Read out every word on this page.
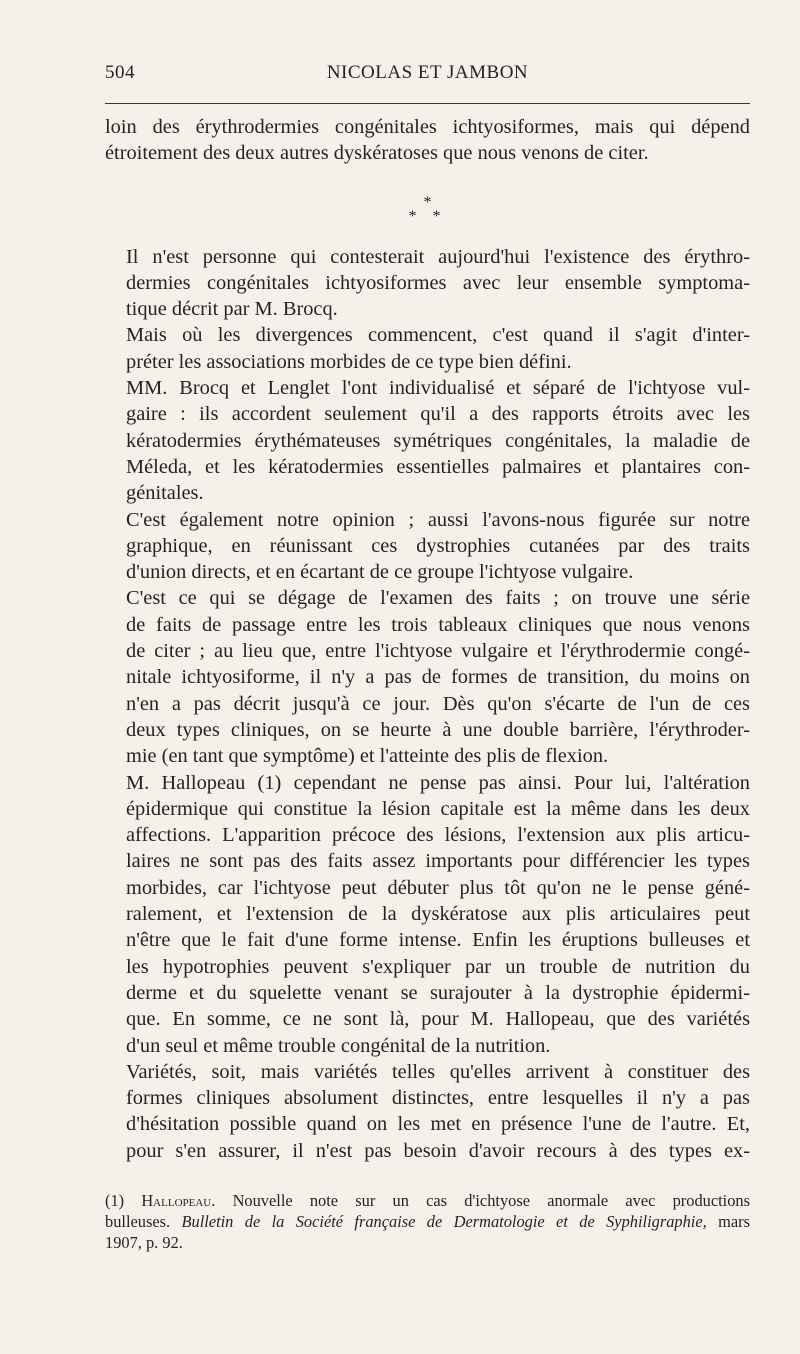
504	NICOLAS ET JAMBON

loin des érythrodermies congénitales ichtyosiformes, mais qui dépend
étroitement des deux autres dyskératoses que nous venons de citer.

Il n'est personne qui contesterait aujourd'hui l'existence des érythro-
dermies congénitales ichtyosiformes avec leur ensemble symptoma-
tique décrit par M. Brocq.

Mais où les divergences commencent, c'est quand il s'agit d'inter-
préter les associations morbides de ce type bien défini.

MM. Brocq et Lenglet l'ont individualisé et séparé de l'ichtyose vul-
gaire : ils accordent seulement qu'il a des rapports étroits avec les
kératodermies érythémateuses symétriques congénitales, la maladie de
Méleda, et les kératodermies essentielles palmaires et plantaires con-
génitales.

C'est également notre opinion ; aussi l'avons-nous figurée sur notre
graphique, en réunissant ces dystrophies cutanées par des traits
d'union directs, et en écartant de ce groupe l'ichtyose vulgaire.

C'est ce qui se dégage de l'examen des faits ; on trouve une série
de faits de passage entre les trois tableaux cliniques que nous venons
de citer ; au lieu que, entre l'ichtyose vulgaire et l'érythrodermie congé-
nitale ichtyosiforme, il n'y a pas de formes de transition, du moins on
n'en a pas décrit jusqu'à ce jour. Dès qu'on s'écarte de l'un de ces
deux types cliniques, on se heurte à une double barrière, l'érythroder-
mie (en tant que symptôme) et l'atteinte des plis de flexion.

M. Hallopeau (1) cependant ne pense pas ainsi. Pour lui, l'altération
épidermique qui constitue la lésion capitale est la même dans les deux
affections. L'apparition précoce des lésions, l'extension aux plis articu-
laires ne sont pas des faits assez importants pour différencier les types
morbides, car l'ichtyose peut débuter plus tôt qu'on ne le pense géné-
ralement, et l'extension de la dyskératose aux plis articulaires peut
n'être que le fait d'une forme intense. Enfin les éruptions bulleuses et
les hypotrophies peuvent s'expliquer par un trouble de nutrition du
derme et du squelette venant se surajouter à la dystrophie épidermi-
que. En somme, ce ne sont là, pour M. Hallopeau, que des variétés
d'un seul et même trouble congénital de la nutrition.

Variétés, soit, mais variétés telles qu'elles arrivent à constituer des
formes cliniques absolument distinctes, entre lesquelles il n'y a pas
d'hésitation possible quand on les met en présence l'une de l'autre. Et,
pour s'en assurer, il n'est pas besoin d'avoir recours à des types ex-

*
* *
(1) Hallopeau. Nouvelle note sur un cas d'ichtyose anormale avec productions
bulleuses. Bulletin de la Société française de Dermatologie et de Syphiligraphie, mars
1907, p. 92.
